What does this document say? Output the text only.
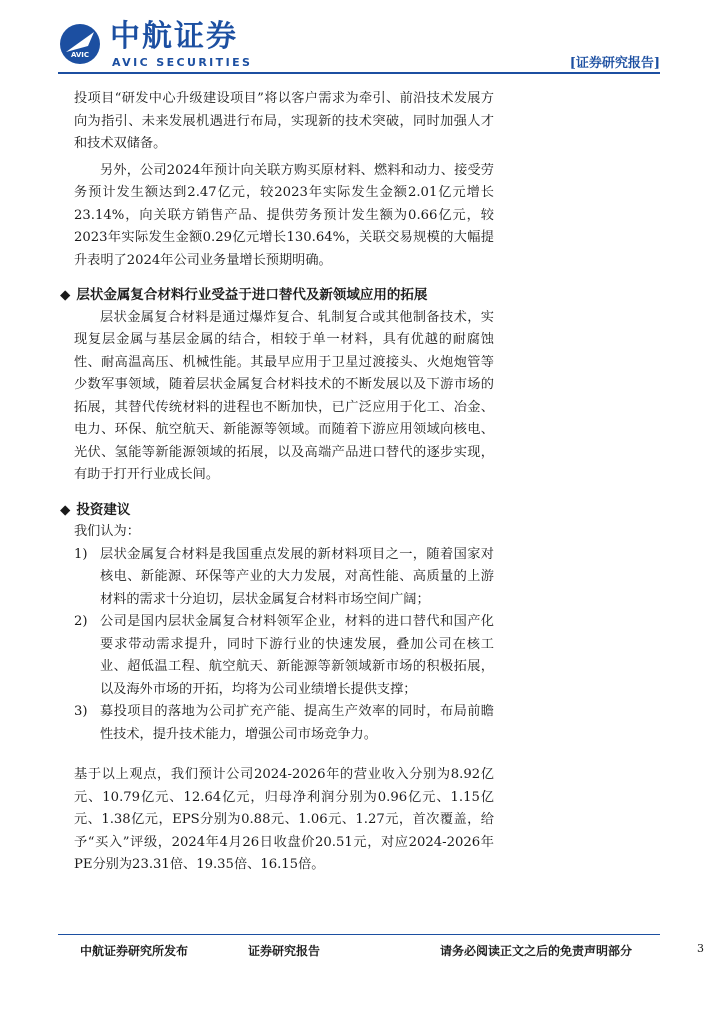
AVIC
中航证券
AVIC SECURITIES	[证券研究报告]

投项目“研发中心升级建设项目”将以客户需求为牵引、前沿技术发展方向为指引、未来发展机遇进行布局，实现新的技术突破，同时加强人才和技术双储备。

另外，公司2024年预计向关联方购买原材料、燃料和动力、接受劳务预计发生额达到2.47亿元，较2023年实际发生金额2.01亿元增长23.14%，向关联方销售产品、提供劳务预计发生额为0.66亿元，较2023年实际发生金额0.29亿元增长130.64%，关联交易规模的大幅提升表明了2024年公司业务量增长预期明确。

◆ 层状金属复合材料行业受益于进口替代及新领域应用的拓展

层状金属复合材料是通过爆炸复合、轧制复合或其他制备技术，实现复层金属与基层金属的结合，相较于单一材料，具有优越的耐腐蚀性、耐高温高压、机械性能。其最早应用于卫星过渡接头、火炮炮管等少数军事领域，随着层状金属复合材料技术的不断发展以及下游市场的拓展，其替代传统材料的进程也不断加快，已广泛应用于化工、冶金、电力、环保、航空航天、新能源等领域。而随着下游应用领域向核电、光伏、氢能等新能源领域的拓展，以及高端产品进口替代的逐步实现，有助于打开行业成长间。

◆ 投资建议

我们认为：

1) 层状金属复合材料是我国重点发展的新材料项目之一，随着国家对核电、新能源、环保等产业的大力发展，对高性能、高质量的上游材料的需求十分迫切，层状金属复合材料市场空间广阔；
2) 公司是国内层状金属复合材料领军企业，材料的进口替代和国产化要求带动需求提升，同时下游行业的快速发展，叠加公司在核工业、超低温工程、航空航天、新能源等新领域新市场的积极拓展，以及海外市场的开拓，均将为公司业绩增长提供支撑；
3) 募投项目的落地为公司扩充产能、提高生产效率的同时，布局前瞻性技术，提升技术能力，增强公司市场竞争力。

基于以上观点，我们预计公司2024-2026年的营业收入分别为8.92亿元、10.79亿元、12.64亿元，归母净利润分别为0.96亿元、1.15亿元、1.38亿元，EPS分别为0.88元、1.06元、1.27元，首次覆盖，给予“买入”评级，2024年4月26日收盘价20.51元，对应2024-2026年PE分别为23.31倍、19.35倍、16.15倍。

中航证券研究所发布	证券研究报告	请务必阅读正文之后的免责声明部分	3
